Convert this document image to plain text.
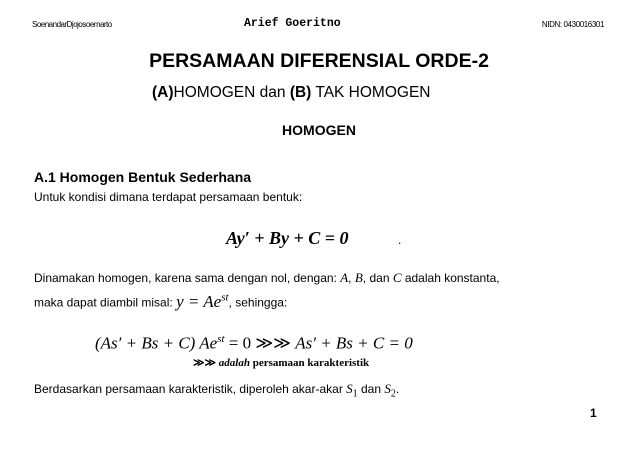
SoenandarDjojosoemarto	Arief Goeritno	NIDN: 0430016301
PERSAMAAN DIFERENSIAL ORDE-2
(A)HOMOGEN dan (B) TAK HOMOGEN
HOMOGEN
A.1 Homogen Bentuk Sederhana
Untuk kondisi dimana terdapat persamaan bentuk:
Ay′ + By + C = 0	.
Dinamakan homogen, karena sama dengan nol, dengan: A, B, dan C adalah konstanta,
maka dapat diambil misal: $y = Ae^{st}$, sehingga:
(As′ + Bs + C) $Ae^{st} = 0$ ≫≫ As′ + Bs + C = 0
≫≫ adalah persamaan karakteristik
Berdasarkan persamaan karakteristik, diperoleh akar-akar $S_1$ dan $S_2$.
1
